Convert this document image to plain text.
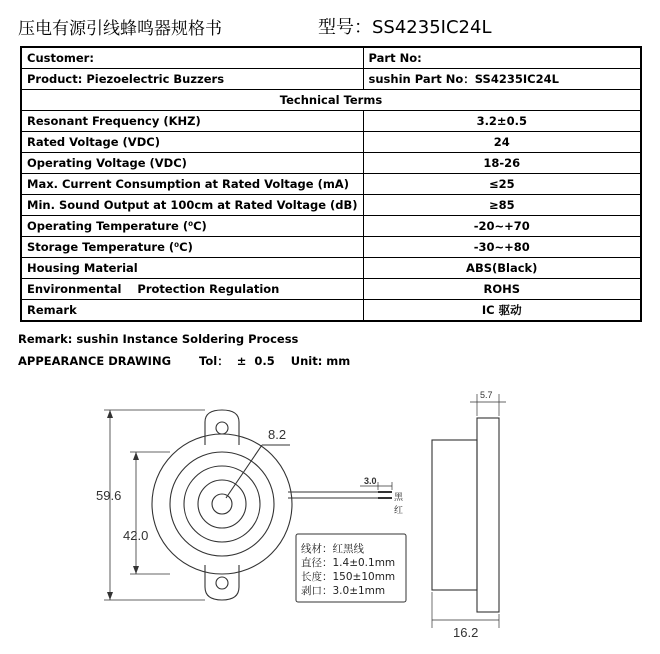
压电有源引线蜂鸣器规格书	型号：SS4235IC24L
Customer:	Part No:
Product: Piezoelectric Buzzers	sushin Part No：SS4235IC24L
Technical Terms	
Resonant Frequency (KHZ)	3.2±0.5
Rated Voltage (VDC)	24
Operating Voltage (VDC)	18-26
Max. Current Consumption at Rated Voltage (mA)	≤25
Min. Sound Output at 100cm at Rated Voltage (dB)	≥85
Operating Temperature (⁰C)	-20~+70
Storage Temperature (⁰C)	-30~+80
Housing Material	ABS(Black)
Environmental    Protection Regulation	ROHS
Remark	IC 驱动
Remark: sushin Instance Soldering Process
APPEARANCE DRAWING       Tol：  ±  0.5    Unit: mm
59.6
42.0
8.2
3.0
黑
红
线材：红黑线
直径：1.4±0.1mm
长度：150±10mm
剥口：3.0±1mm
5.7
16.2
